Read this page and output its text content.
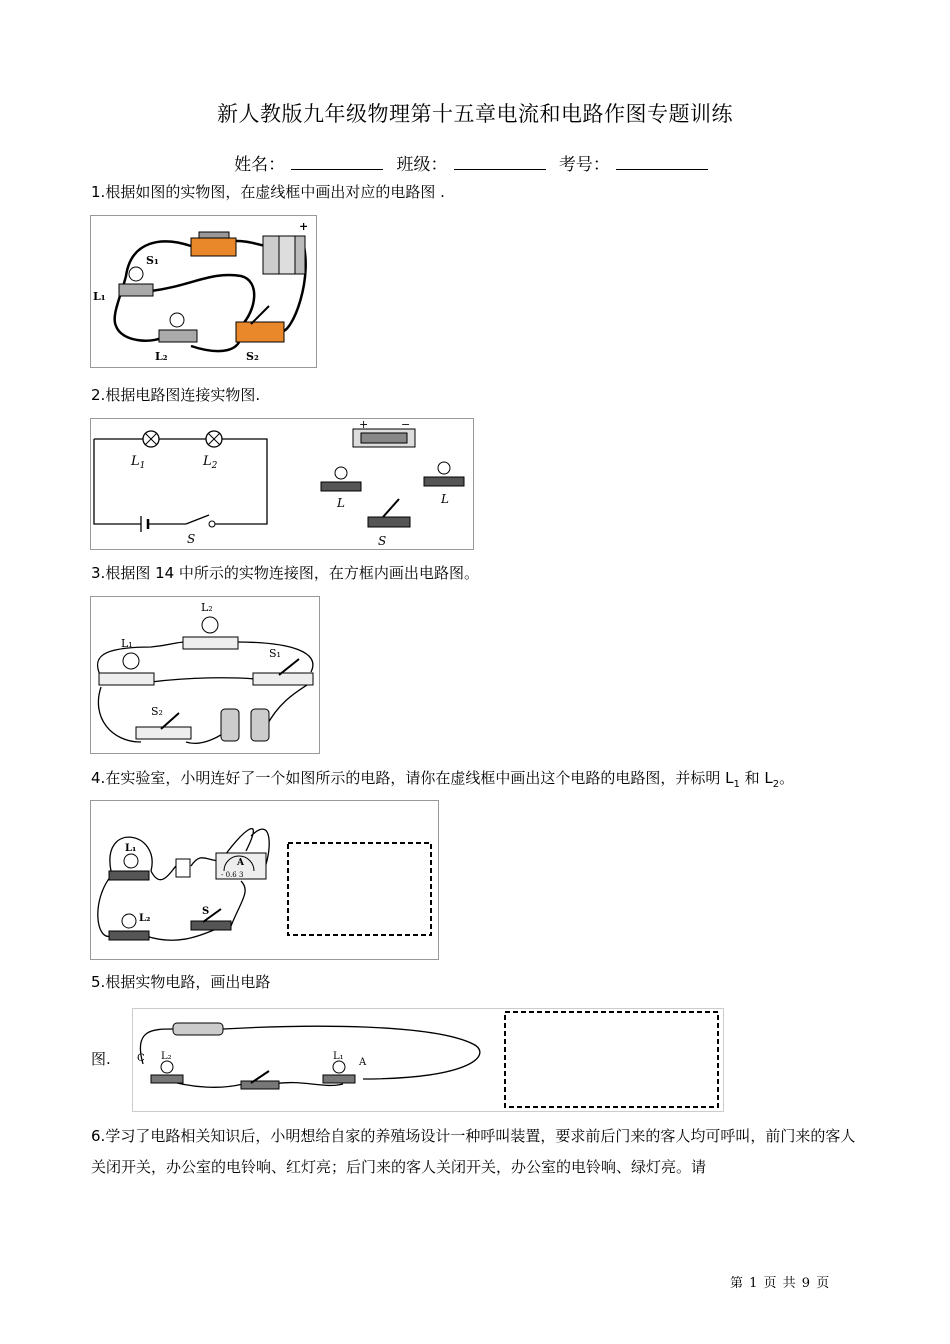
新人教版九年级物理第十五章电流和电路作图专题训练
姓名：	班级：	考号：
1.根据如图的实物图，在虚线框中画出对应的电路图 .
S₁
L₁
L₂	S₂
+
2.根据电路图连接实物图.
$L_1$	$L_2$
S
+	−
L	L
S
3.根据图 14 中所示的实物连接图，在方框内画出电路图。
L₂
L₁
S₁
S₂
4.在实验室，小明连好了一个如图所示的电路，请你在虚线框中画出这个电路的电路图，并标明 $L_1$ 和 $L_2$。
L₁
L₂
S
A
- 0.6 3
5.根据实物电路，画出电路
图.	C	A
L₂	L₁
6.学习了电路相关知识后，小明想给自家的养殖场设计一种呼叫装置，要求前后门来的客人均可呼叫，前门来的客人关闭开关，办公室的电铃响、红灯亮；后门来的客人关闭开关，办公室的电铃响、绿灯亮。请
第 1 页 共 9 页
